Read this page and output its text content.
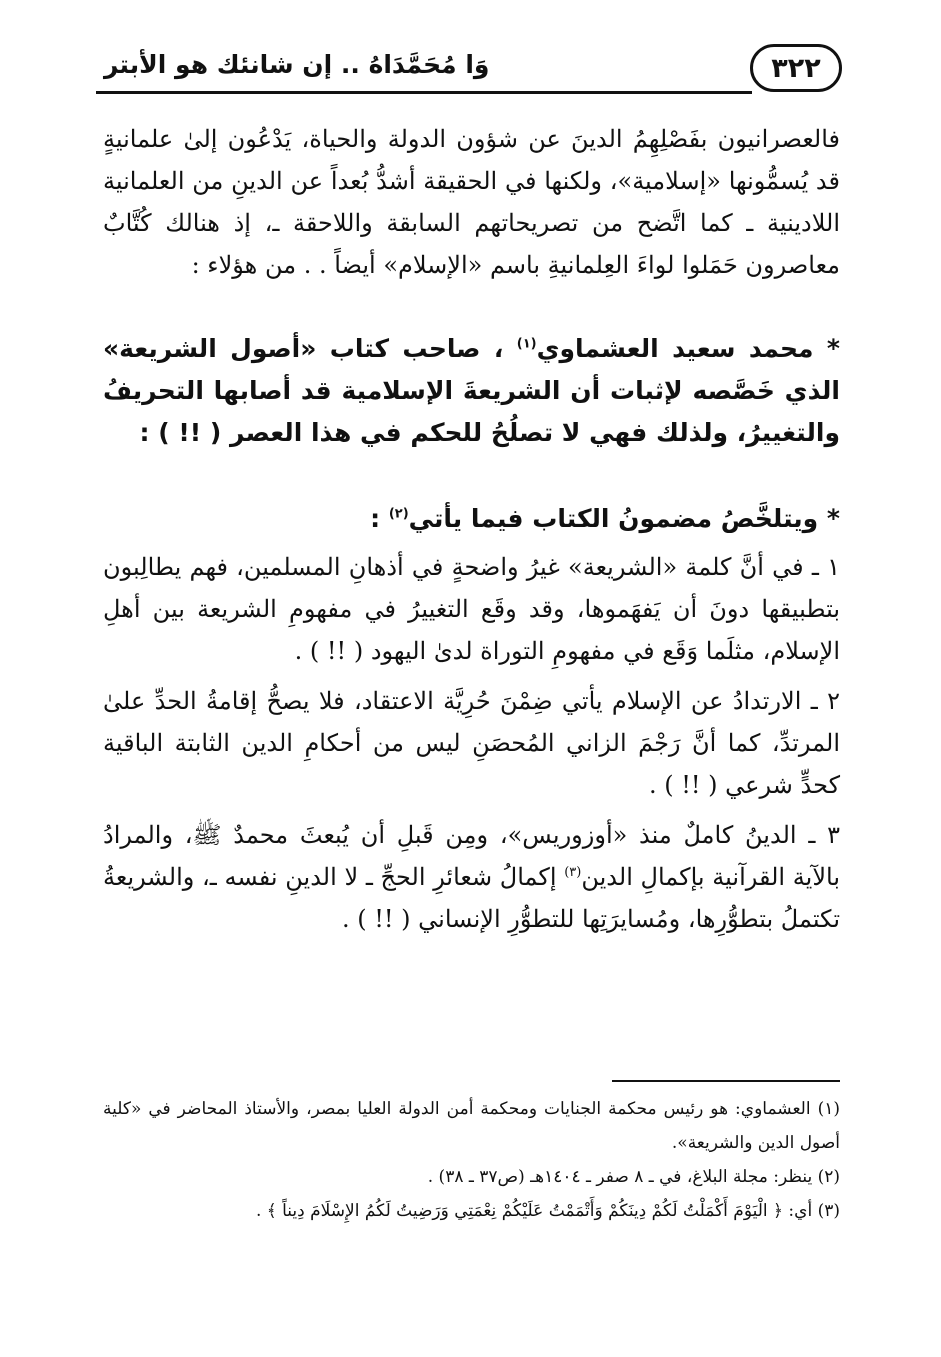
وَا مُحَمَّدَاهُ .. إن شانئك هو الأبتر	٣٢٢

فالعصرانيون بفَصْلِهِمُ الدينَ عن شؤون الدولة والحياة، يَدْعُون إلىٰ علمانيةٍ قد يُسمُّونها «إسلامية»، ولكنها في الحقيقة أشدُّ بُعداً عن الدينِ من العلمانية اللادينية ـ كما اتَّضح من تصريحاتهم السابقة واللاحقة ـ، إذ هنالك كُتَّابٌ معاصرون حَمَلوا لواءَ العِلمانيةِ باسم «الإسلام» أيضاً . . من هؤلاء :

* محمد سعيد العشماوي$^{(١)}$ ، صاحب كتاب «أصول الشريعة» الذي خَصَّصه لإثبات أن الشريعةَ الإسلامية قد أصابها التحريفُ والتغييرُ، ولذلك فهي لا تصلُحُ للحكم في هذا العصر ( !! ) :

* ويتلخَّصُ مضمونُ الكتاب فيما يأتي$^{(٢)}$ :

١ ـ في أنَّ كلمة «الشريعة» غيرُ واضحةٍ في أذهانِ المسلمين، فهم يطالِبون بتطبيقها دونَ أن يَفهَموها، وقد وقَع التغييرُ في مفهومِ الشريعة بين أهلِ الإسلام، مثلَما وَقَع في مفهومِ التوراة لدىٰ اليهود ( !! ) .

٢ ـ الارتدادُ عن الإسلام يأتي ضِمْنَ حُرِيَّة الاعتقاد، فلا يصحُّ إقامةُ الحدِّ علىٰ المرتدِّ، كما أنَّ رَجْمَ الزاني المُحصَنِ ليس من أحكامِ الدين الثابتة الباقية كحدٍّ شرعي ( !! ) .

٣ ـ الدينُ كاملٌ منذ «أوزوريس»، ومِن قَبلِ أن يُبعثَ محمدٌ ﷺ، والمرادُ بالآية القرآنية بإكمالِ الدين$^{(٣)}$ إكمالُ شعائرِ الحجِّ ـ لا الدينِ نفسه ـ، والشريعةُ تكتملُ بتطوُّرِها، ومُسايرَتِها للتطوُّرِ الإنساني ( !! ) .

(١) العشماوي: هو رئيس محكمة الجنايات ومحكمة أمن الدولة العليا بمصر، والأستاذ المحاضر في «كلية أصول الدين والشريعة».

(٢) ينظر: مجلة البلاغ، في ـ ٨ صفر ـ ١٤٠٤هـ (ص٣٧ ـ ٣٨) .

(٣) أي: ﴿ الْيَوْمَ أَكْمَلْتُ لَكُمْ دِينَكُمْ وَأَتْمَمْتُ عَلَيْكُمْ نِعْمَتِي وَرَضِيتُ لَكُمُ الإِسْلَامَ دِيناً ﴾ .
